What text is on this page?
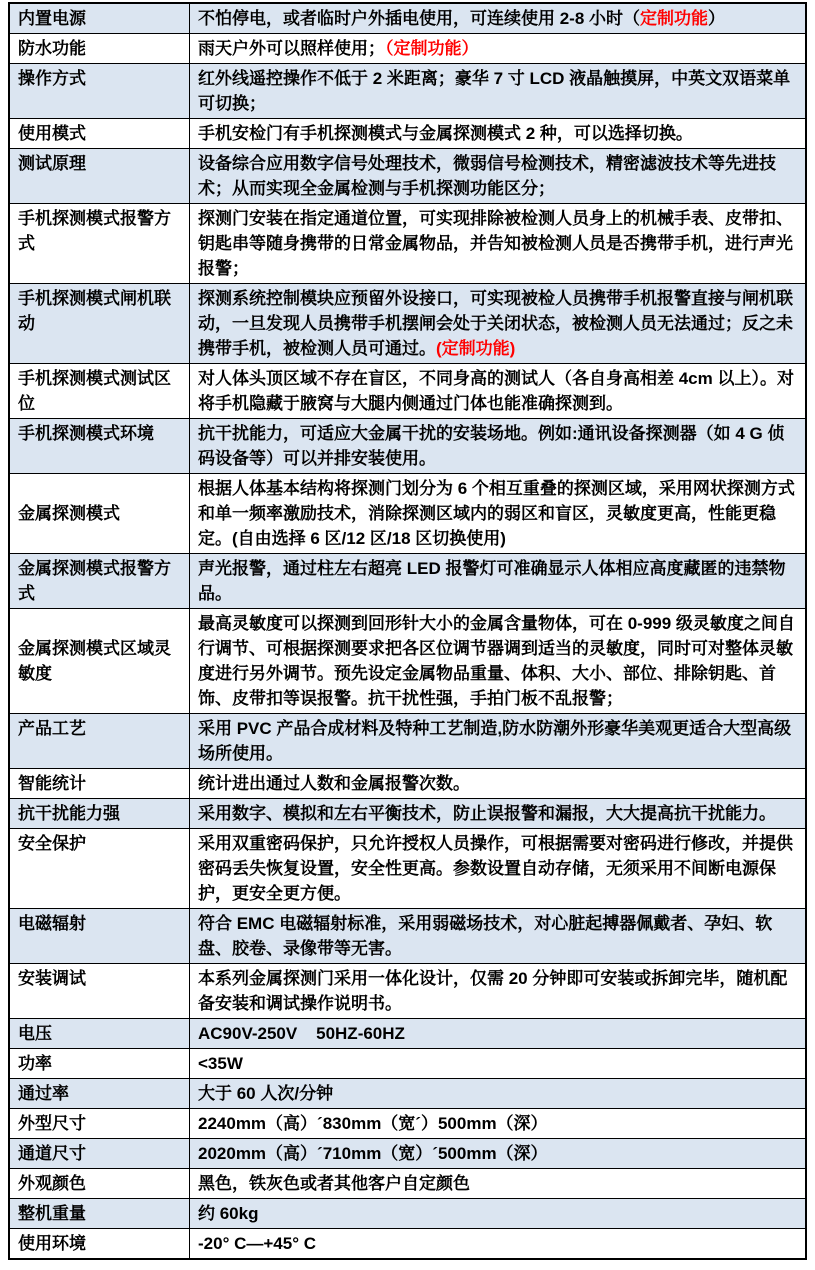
内置电源	不怕停电，或者临时户外插电使用，可连续使用 2-8 小时（定制功能）
防水功能	雨天户外可以照样使用；（定制功能）
操作方式	红外线遥控操作不低于 2 米距离；豪华 7 寸 LCD 液晶触摸屏，中英文双语菜单可切换；
使用模式	手机安检门有手机探测模式与金属探测模式 2 种，可以选择切换。
测试原理	设备综合应用数字信号处理技术，微弱信号检测技术，精密滤波技术等先进技术；从而实现全金属检测与手机探测功能区分；
手机探测模式报警方式	探测门安装在指定通道位置，可实现排除被检测人员身上的机械手表、皮带扣、钥匙串等随身携带的日常金属物品，并告知被检测人员是否携带手机，进行声光报警；
手机探测模式闸机联动	探测系统控制模块应预留外设接口，可实现被检人员携带手机报警直接与闸机联动，一旦发现人员携带手机摆闸会处于关闭状态，被检测人员无法通过；反之未携带手机，被检测人员可通过。(定制功能)
手机探测模式测试区位	对人体头顶区域不存在盲区，不同身高的测试人（各自身高相差 4cm 以上）。对将手机隐藏于腋窝与大腿内侧通过门体也能准确探测到。
手机探测模式环境	抗干扰能力，可适应大金属干扰的安装场地。例如:通讯设备探测器（如 4 G 侦码设备等）可以并排安装使用。
金属探测模式	根据人体基本结构将探测门划分为 6 个相互重叠的探测区域，采用网状探测方式和单一频率激励技术，消除探测区域内的弱区和盲区，灵敏度更高，性能更稳定。(自由选择 6 区/12 区/18 区切换使用)
金属探测模式报警方式	声光报警，通过柱左右超亮 LED 报警灯可准确显示人体相应高度藏匿的违禁物品。
金属探测模式区域灵敏度	最高灵敏度可以探测到回形针大小的金属含量物体，可在 0-999 级灵敏度之间自行调节、可根据探测要求把各区位调节器调到适当的灵敏度，同时可对整体灵敏度进行另外调节。预先设定金属物品重量、体积、大小、部位、排除钥匙、首饰、皮带扣等误报警。抗干扰性强，手拍门板不乱报警；
产品工艺	采用 PVC 产品合成材料及特种工艺制造,防水防潮外形豪华美观更适合大型高级场所使用。
智能统计	统计进出通过人数和金属报警次数。
抗干扰能力强	采用数字、模拟和左右平衡技术，防止误报警和漏报，大大提高抗干扰能力。
安全保护	采用双重密码保护，只允许授权人员操作，可根据需要对密码进行修改，并提供密码丢失恢复设置，安全性更高。参数设置自动存储，无须采用不间断电源保护，更安全更方便。
电磁辐射	符合 EMC 电磁辐射标准，采用弱磁场技术，对心脏起搏器佩戴者、孕妇、软盘、胶卷、录像带等无害。
安装调试	本系列金属探测门采用一体化设计，仅需 20 分钟即可安装或拆卸完毕，随机配备安装和调试操作说明书。
电压	AC90V-250V    50HZ-60HZ
功率	<35W
通过率	大于 60 人次/分钟
外型尺寸	2240mm（高）´830mm（宽´）500mm（深）
通道尺寸	2020mm（高）´710mm（宽）´500mm（深）
外观颜色	黑色，铁灰色或者其他客户自定颜色
整机重量	约 60kg
使用环境	-20° C—+45° C
